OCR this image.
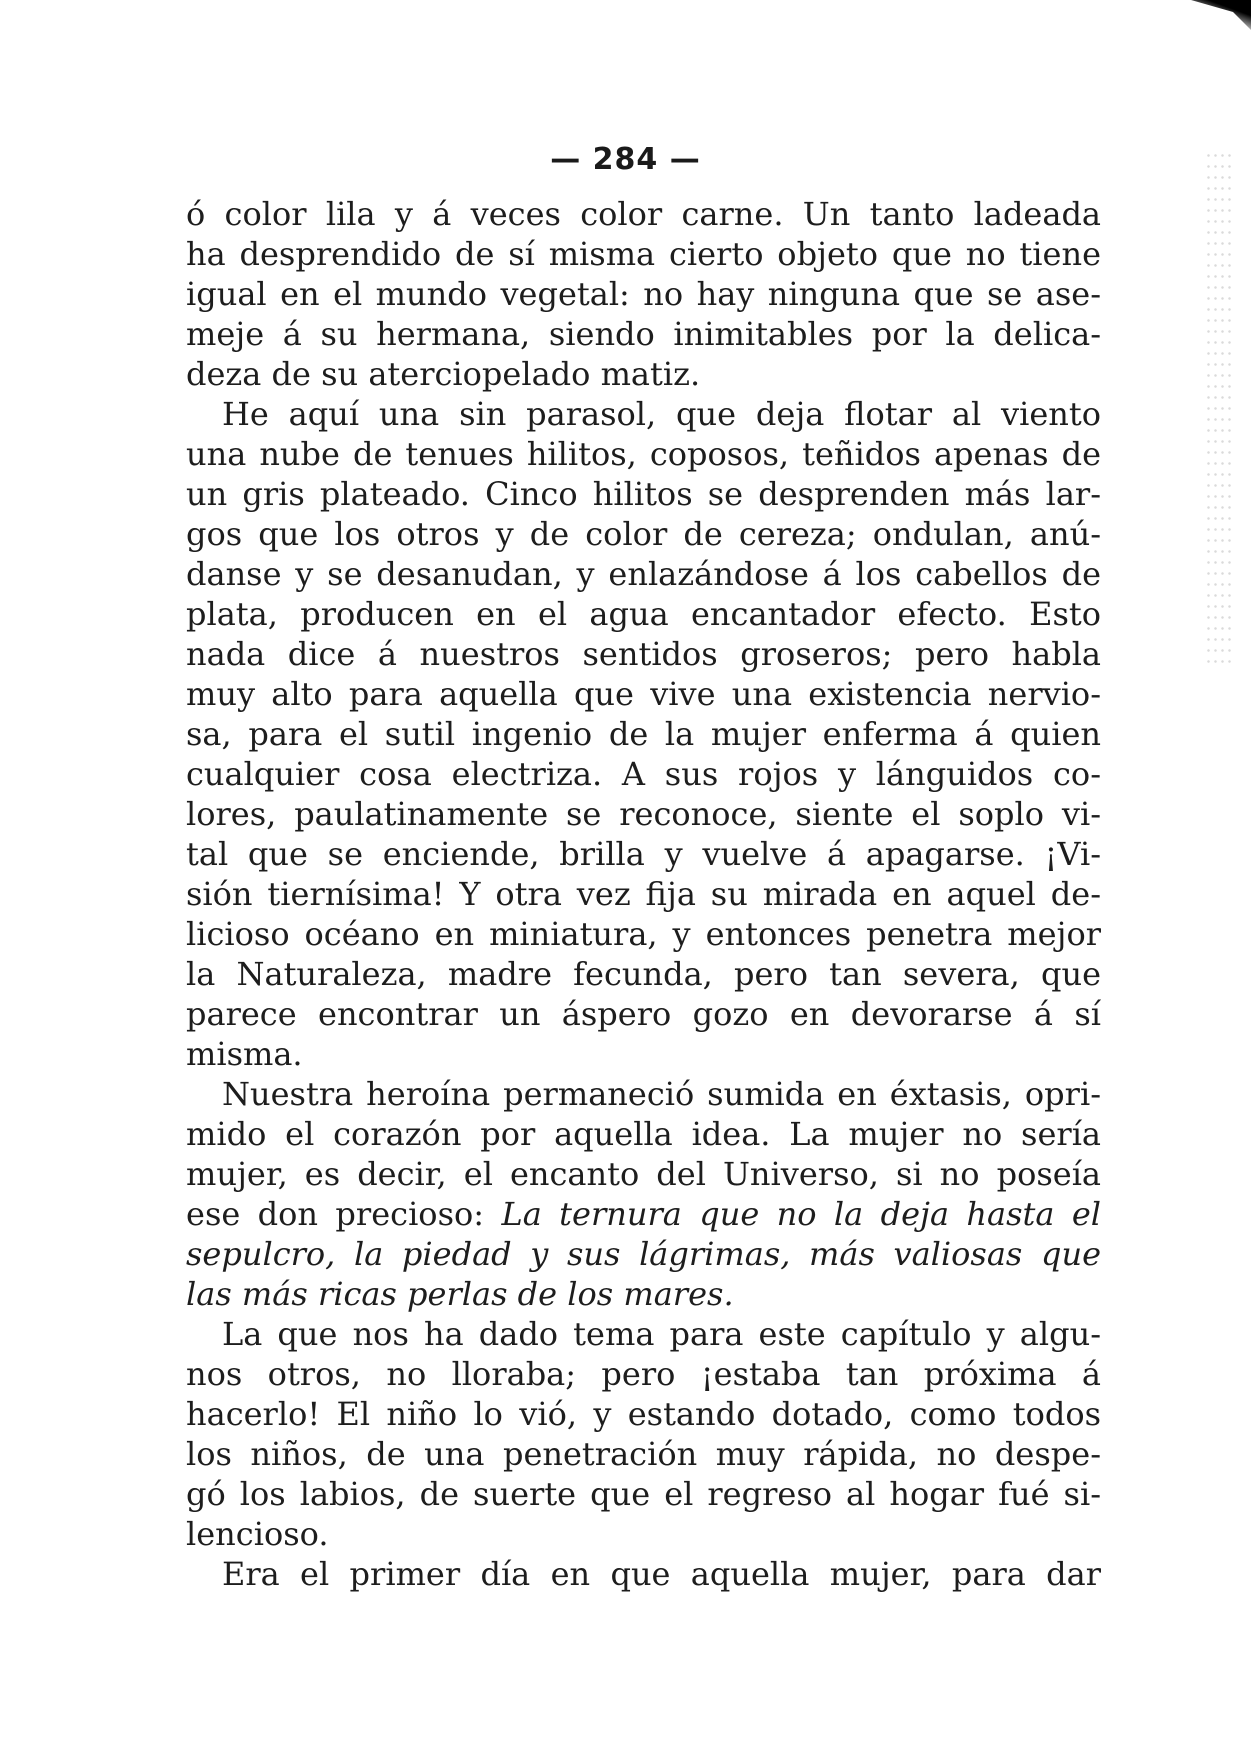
— 284 —
ó color lila y á veces color carne. Un tanto ladeada
ha desprendido de sí misma cierto objeto que no tiene
igual en el mundo vegetal: no hay ninguna que se ase-
meje á su hermana, siendo inimitables por la delica-
deza de su aterciopelado matiz.
He aquí una sin parasol, que deja flotar al viento
una nube de tenues hilitos, coposos, teñidos apenas de
un gris plateado. Cinco hilitos se desprenden más lar-
gos que los otros y de color de cereza; ondulan, anú-
danse y se desanudan, y enlazándose á los cabellos de
plata, producen en el agua encantador efecto. Esto
nada dice á nuestros sentidos groseros; pero habla
muy alto para aquella que vive una existencia nervio-
sa, para el sutil ingenio de la mujer enferma á quien
cualquier cosa electriza. A sus rojos y lánguidos co-
lores, paulatinamente se reconoce, siente el soplo vi-
tal que se enciende, brilla y vuelve á apagarse. ¡Vi-
sión tiernísima! Y otra vez fija su mirada en aquel de-
licioso océano en miniatura, y entonces penetra mejor
la Naturaleza, madre fecunda, pero tan severa, que
parece encontrar un áspero gozo en devorarse á sí
misma.
Nuestra heroína permaneció sumida en éxtasis, opri-
mido el corazón por aquella idea. La mujer no sería
mujer, es decir, el encanto del Universo, si no poseía
ese don precioso: La ternura que no la deja hasta el
sepulcro, la piedad y sus lágrimas, más valiosas que
las más ricas perlas de los mares.
La que nos ha dado tema para este capítulo y algu-
nos otros, no lloraba; pero ¡estaba tan próxima á
hacerlo! El niño lo vió, y estando dotado, como todos
los niños, de una penetración muy rápida, no despe-
gó los labios, de suerte que el regreso al hogar fué si-
lencioso.
Era el primer día en que aquella mujer, para dar
